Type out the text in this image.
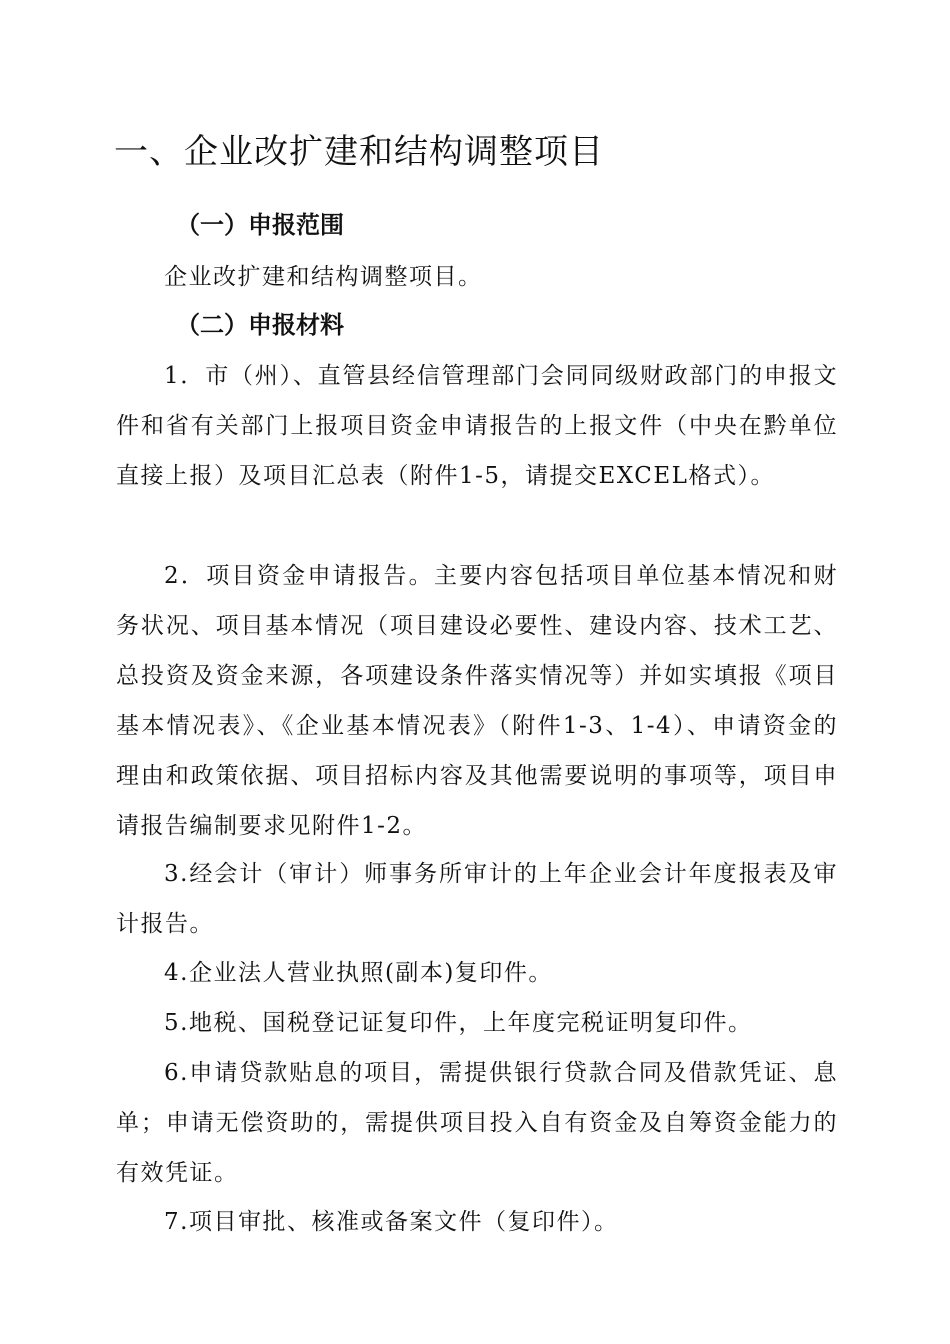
一、企业改扩建和结构调整项目
（一）申报范围

企业改扩建和结构调整项目。

（二）申报材料

1．市（州）、直管县经信管理部门会同同级财政部门的申报文件和省有关部门上报项目资金申请报告的上报文件（中央在黔单位直接上报）及项目汇总表（附件1-5，请提交EXCEL格式）。

2．项目资金申请报告。主要内容包括项目单位基本情况和财务状况、项目基本情况（项目建设必要性、建设内容、技术工艺、总投资及资金来源，各项建设条件落实情况等）并如实填报《项目基本情况表》、《企业基本情况表》（附件1-3、1-4）、申请资金的理由和政策依据、项目招标内容及其他需要说明的事项等，项目申请报告编制要求见附件1-2。

3.经会计（审计）师事务所审计的上年企业会计年度报表及审计报告。

4.企业法人营业执照(副本)复印件。

5.地税、国税登记证复印件，上年度完税证明复印件。

6.申请贷款贴息的项目，需提供银行贷款合同及借款凭证、息单；申请无偿资助的，需提供项目投入自有资金及自筹资金能力的有效凭证。

7.项目审批、核准或备案文件（复印件）。
